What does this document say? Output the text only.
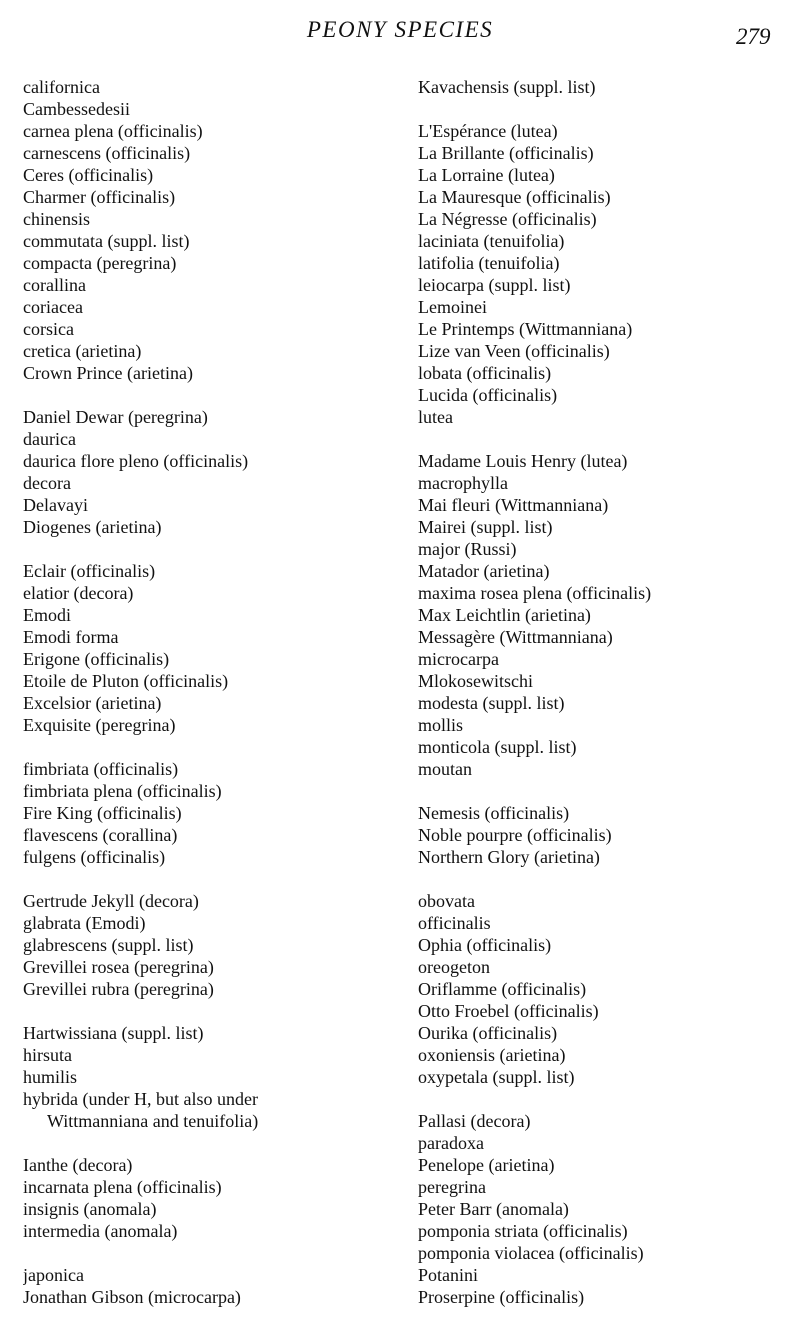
PEONY SPECIES	279
californica
Cambessedesii
carnea plena (officinalis)
carnescens (officinalis)
Ceres (officinalis)
Charmer (officinalis)
chinensis
commutata (suppl. list)
compacta (peregrina)
corallina
coriacea
corsica
cretica (arietina)
Crown Prince (arietina)
Daniel Dewar (peregrina)
daurica
daurica flore pleno (officinalis)
decora
Delavayi
Diogenes (arietina)
Eclair (officinalis)
elatior (decora)
Emodi
Emodi forma
Erigone (officinalis)
Etoile de Pluton (officinalis)
Excelsior (arietina)
Exquisite (peregrina)
fimbriata (officinalis)
fimbriata plena (officinalis)
Fire King (officinalis)
flavescens (corallina)
fulgens (officinalis)
Gertrude Jekyll (decora)
glabrata (Emodi)
glabrescens (suppl. list)
Grevillei rosea (peregrina)
Grevillei rubra (peregrina)
Hartwissiana (suppl. list)
hirsuta
humilis
hybrida (under H, but also under
Wittmanniana and tenuifolia)
Ianthe (decora)
incarnata plena (officinalis)
insignis (anomala)
intermedia (anomala)
japonica
Jonathan Gibson (microcarpa)
Kavachensis (suppl. list)
L'Espérance (lutea)
La Brillante (officinalis)
La Lorraine (lutea)
La Mauresque (officinalis)
La Négresse (officinalis)
laciniata (tenuifolia)
latifolia (tenuifolia)
leiocarpa (suppl. list)
Lemoinei
Le Printemps (Wittmanniana)
Lize van Veen (officinalis)
lobata (officinalis)
Lucida (officinalis)
lutea
Madame Louis Henry (lutea)
macrophylla
Mai fleuri (Wittmanniana)
Mairei (suppl. list)
major (Russi)
Matador (arietina)
maxima rosea plena (officinalis)
Max Leichtlin (arietina)
Messagère (Wittmanniana)
microcarpa
Mlokosewitschi
modesta (suppl. list)
mollis
monticola (suppl. list)
moutan
Nemesis (officinalis)
Noble pourpre (officinalis)
Northern Glory (arietina)
obovata
officinalis
Ophia (officinalis)
oreogeton
Oriflamme (officinalis)
Otto Froebel (officinalis)
Ourika (officinalis)
oxoniensis (arietina)
oxypetala (suppl. list)
Pallasi (decora)
paradoxa
Penelope (arietina)
peregrina
Peter Barr (anomala)
pomponia striata (officinalis)
pomponia violacea (officinalis)
Potanini
Proserpine (officinalis)
